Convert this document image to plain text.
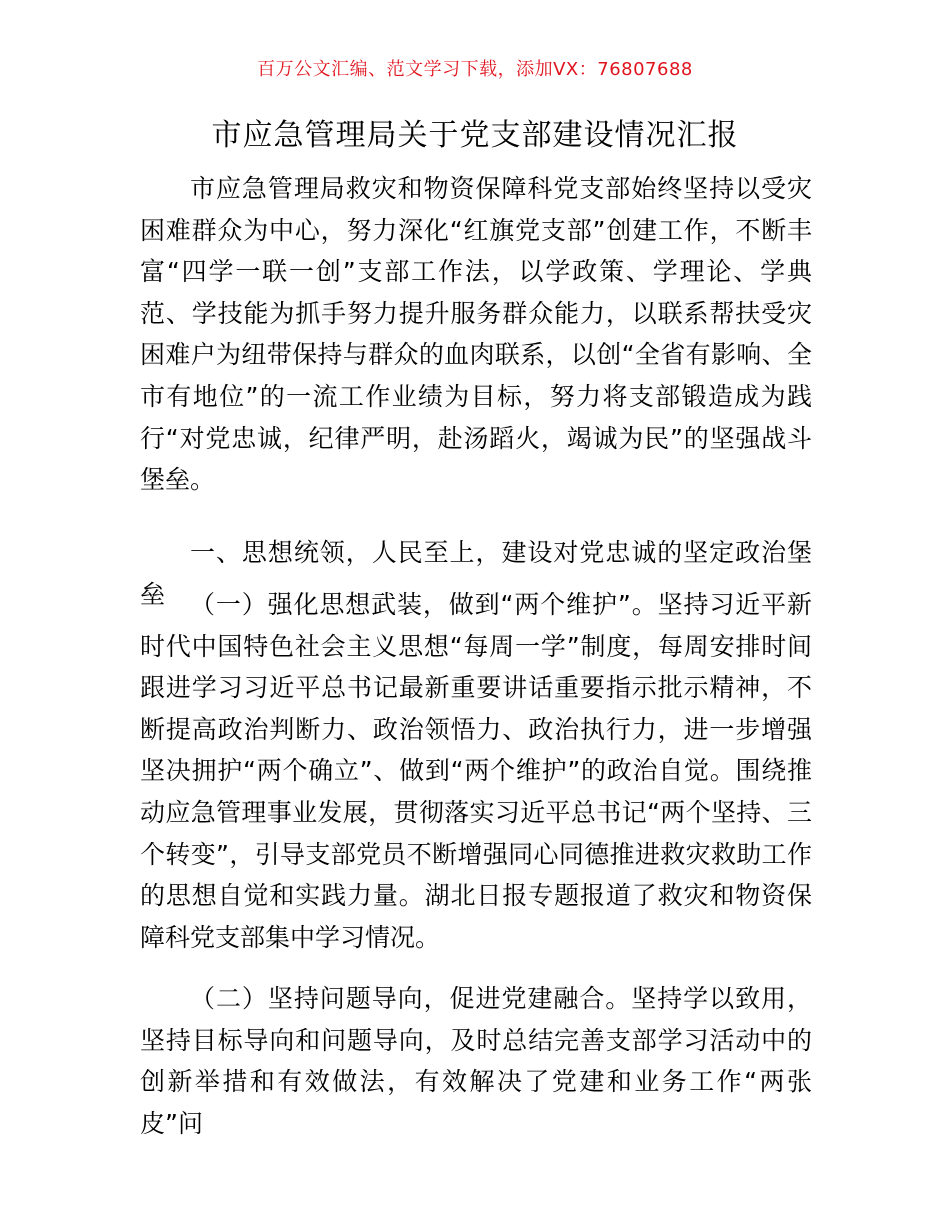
百万公文汇编、范文学习下载，添加VX：76807688
市应急管理局关于党支部建设情况汇报

市应急管理局救灾和物资保障科党支部始终坚持以受灾困难群众为中心，努力深化“红旗党支部”创建工作，不断丰富“四学一联一创”支部工作法，以学政策、学理论、学典范、学技能为抓手努力提升服务群众能力，以联系帮扶受灾困难户为纽带保持与群众的血肉联系，以创“全省有影响、全市有地位”的一流工作业绩为目标，努力将支部锻造成为践行“对党忠诚，纪律严明，赴汤蹈火，竭诚为民”的坚强战斗堡垒。

一、思想统领，人民至上，建设对党忠诚的坚定政治堡垒 （一）强化思想武装，做到“两个维护”。坚持习近平新时代中国特色社会主义思想“每周一学”制度，每周安排时间跟进学习习近平总书记最新重要讲话重要指示批示精神，不断提高政治判断力、政治领悟力、政治执行力，进一步增强坚决拥护“两个确立”、做到“两个维护”的政治自觉。围绕推动应急管理事业发展，贯彻落实习近平总书记“两个坚持、三个转变”，引导支部党员不断增强同心同德推进救灾救助工作的思想自觉和实践力量。湖北日报专题报道了救灾和物资保障科党支部集中学习情况。

（二）坚持问题导向，促进党建融合。坚持学以致用，坚持目标导向和问题导向，及时总结完善支部学习活动中的创新举措和有效做法，有效解决了党建和业务工作“两张皮”问
